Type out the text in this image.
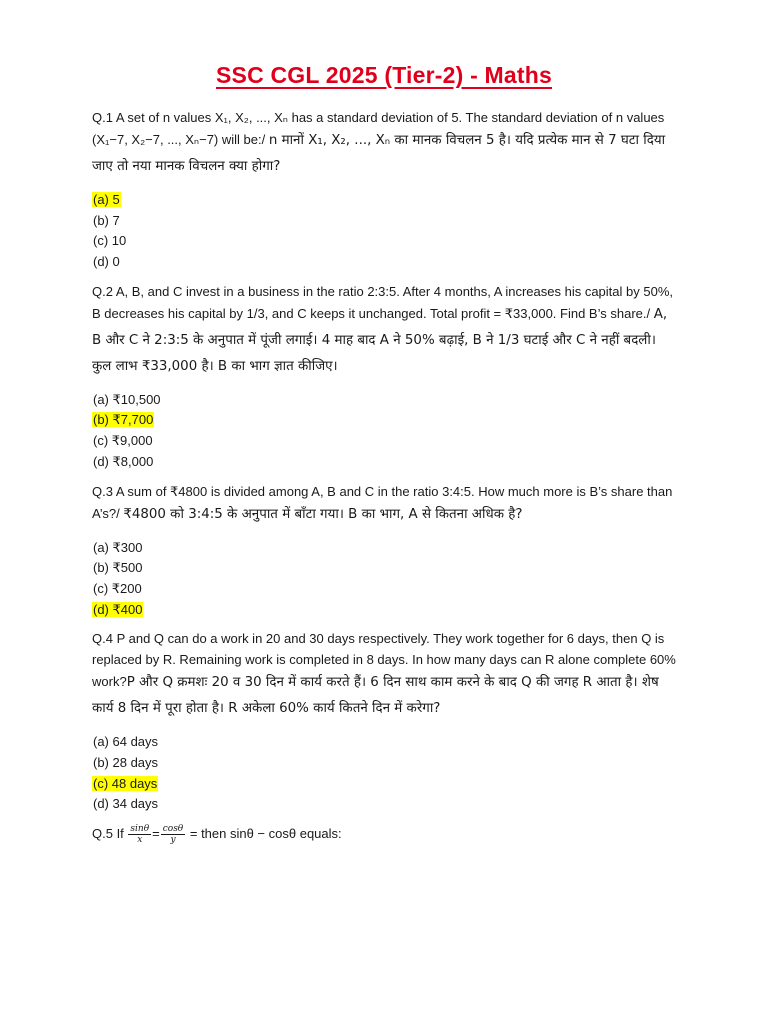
SSC CGL 2025 (Tier-2) - Maths

Q.1 A set of n values X₁, X₂, ..., Xₙ has a standard deviation of 5. The standard deviation of n values (X₁−7, X₂−7, ..., Xₙ−7) will be:/ n मानों X₁, X₂, ..., Xₙ का मानक विचलन 5 है। यदि प्रत्येक मान से 7 घटा दिया जाए तो नया मानक विचलन क्या होगा?

(a) 5
(b) 7
(c) 10
(d) 0

Q.2 A, B, and C invest in a business in the ratio 2:3:5. After 4 months, A increases his capital by 50%, B decreases his capital by 1/3, and C keeps it unchanged. Total profit = ₹33,000. Find B’s share./ A, B और C ने 2:3:5 के अनुपात में पूंजी लगाई। 4 माह बाद A ने 50% बढ़ाई, B ने 1/3 घटाई और C ने नहीं बदली। कुल लाभ ₹33,000 है। B का भाग ज्ञात कीजिए।

(a) ₹10,500
(b) ₹7,700
(c) ₹9,000
(d) ₹8,000

Q.3 A sum of ₹4800 is divided among A, B and C in the ratio 3:4:5. How much more is B’s share than A’s?/ ₹4800 को 3:4:5 के अनुपात में बाँटा गया। B का भाग, A से कितना अधिक है?

(a) ₹300
(b) ₹500
(c) ₹200
(d) ₹400

Q.4 P and Q can do a work in 20 and 30 days respectively. They work together for 6 days, then Q is replaced by R. Remaining work is completed in 8 days. In how many days can R alone complete 60% work?P और Q क्रमशः 20 व 30 दिन में कार्य करते हैं। 6 दिन साथ काम करने के बाद Q की जगह R आता है। शेष कार्य 8 दिन में पूरा होता है। R अकेला 60% कार्य कितने दिन में करेगा?

(a) 64 days
(b) 28 days
(c) 48 days
(d) 34 days

Q.5 If $\frac{\sin\theta}{x} = \frac{\cos\theta}{y}$ = then sinθ − cosθ equals:
